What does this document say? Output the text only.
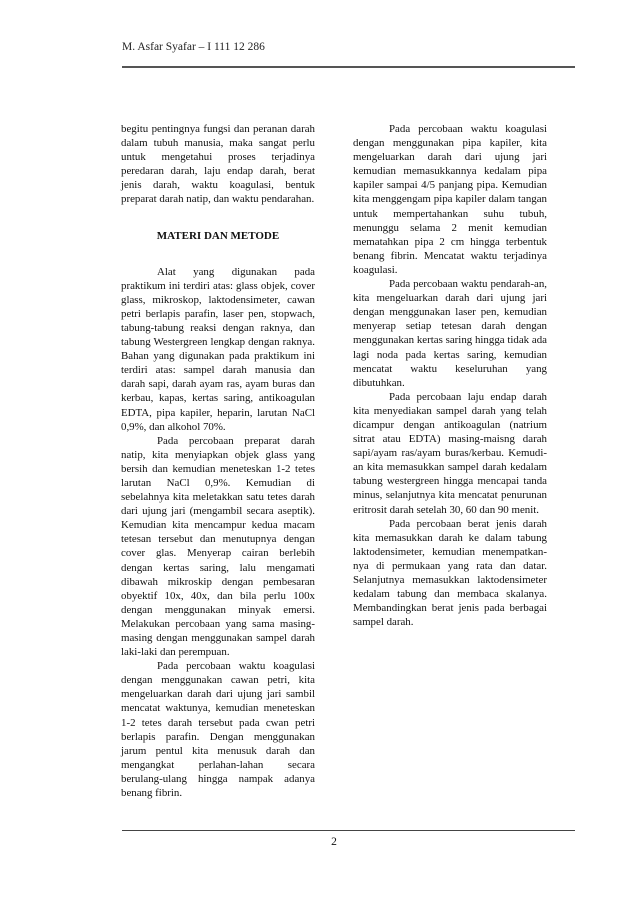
M. Asfar Syafar – I 111 12 286

begitu pentingnya fungsi dan peranan darah dalam tubuh manusia, maka sangat perlu untuk mengetahui proses terjadinya peredaran darah, laju endap darah, berat jenis darah, waktu koagulasi, bentuk preparat darah natip, dan waktu pendarahan.

MATERI DAN METODE

Alat yang digunakan pada praktikum ini terdiri atas: glass objek, cover glass, mikroskop, laktodensimeter, cawan petri berlapis parafin, laser pen, stopwach, tabung-tabung reaksi dengan raknya, dan tabung Westergreen lengkap dengan raknya. Bahan yang digunakan pada praktikum ini terdiri atas: sampel darah manusia dan darah sapi, darah ayam ras, ayam buras dan kerbau, kapas, kertas saring, antikoagulan EDTA, pipa kapiler, heparin, larutan NaCl 0,9%, dan alkohol 70%.

Pada percobaan preparat darah natip, kita menyiapkan objek glass yang bersih dan kemudian meneteskan 1-2 tetes larutan NaCl 0,9%. Kemudian di sebelahnya kita meletakkan satu tetes darah dari ujung jari (mengambil secara aseptik). Kemudian kita mencampur kedua macam tetesan tersebut dan menutupnya dengan cover glas. Menyerap cairan berlebih dengan kertas saring, lalu mengamati dibawah mikroskip dengan pembesaran obyektif 10x, 40x, dan bila perlu 100x dengan menggunakan minyak emersi. Melakukan percobaan yang sama masing-masing dengan menggunakan sampel darah laki-laki dan perempuan.

Pada percobaan waktu koagulasi dengan menggunakan cawan petri, kita mengeluarkan darah dari ujung jari sambil mencatat waktunya, kemudian meneteskan 1-2 tetes darah tersebut pada cwan petri berlapis parafin. Dengan menggunakan jarum pentul kita menusuk darah dan mengangkat perlahan-lahan secara berulang-ulang hingga nampak adanya benang fibrin.

Pada percobaan waktu koagulasi dengan menggunakan pipa kapiler, kita mengeluarkan darah dari ujung jari kemudian memasukkannya kedalam pipa kapiler sampai 4/5 panjang pipa. Kemudian kita menggengam pipa kapiler dalam tangan untuk mempertahankan suhu tubuh, menunggu selama 2 menit kemudian mematahkan pipa 2 cm hingga terbentuk benang fibrin. Mencatat waktu terjadinya koagulasi.

Pada percobaan waktu pendarah-an, kita mengeluarkan darah dari ujung jari dengan menggunakan laser pen, kemudian menyerap setiap tetesan darah dengan menggunakan kertas saring hingga tidak ada lagi noda pada kertas saring, kemudian mencatat waktu keseluruhan yang dibutuhkan.

Pada percobaan laju endap darah kita menyediakan sampel darah yang telah dicampur dengan antikoagulan (natrium sitrat atau EDTA) masing-maisng darah sapi/ayam ras/ayam buras/kerbau. Kemudi-an kita memasukkan sampel darah kedalam tabung westergreen hingga mencapai tanda minus, selanjutnya kita mencatat penurunan eritrosit darah setelah 30, 60 dan 90 menit.

Pada percobaan berat jenis darah kita memasukkan darah ke dalam tabung laktodensimeter, kemudian menempatkan-nya di permukaan yang rata dan datar. Selanjutnya memasukkan laktodensimeter kedalam tabung dan membaca skalanya. Membandingkan berat jenis pada berbagai sampel darah.

2
